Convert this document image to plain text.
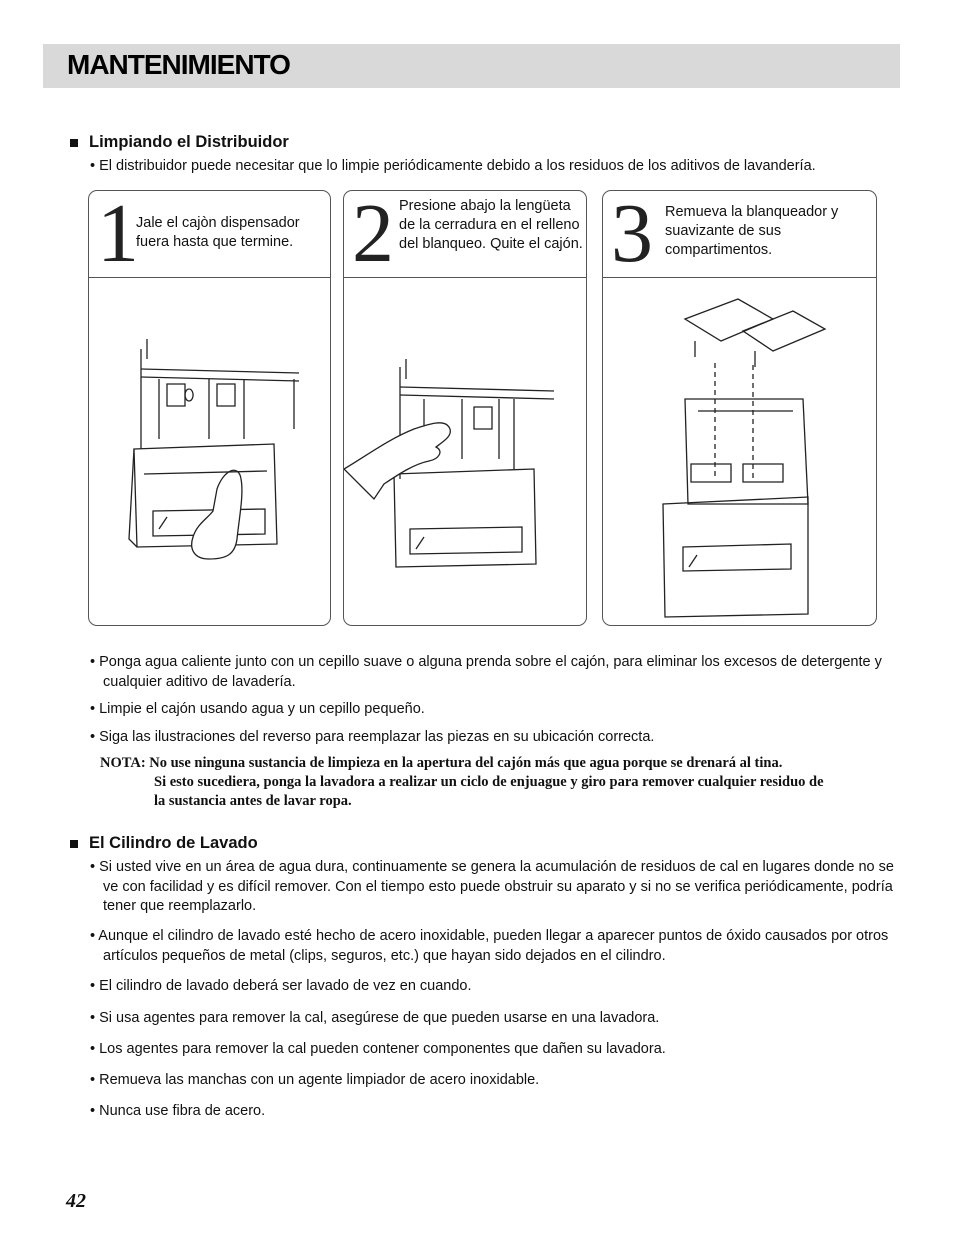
MANTENIMIENTO
Limpiando el Distribuidor
• El distribuidor puede necesitar que lo limpie periódicamente debido a los residuos de los aditivos de lavandería.
1
Jale el cajòn dispensador fuera hasta que termine. 2 Presione abajo la lengüeta de la cerradura en el relleno del blanqueo. Quite el cajón. 3 Remueva la blanqueador y suavizante de sus compartimentos.
• Ponga agua caliente junto con un cepillo suave o alguna prenda sobre el cajón, para eliminar los excesos de detergente y cualquier aditivo de lavadería.
• Limpie el cajón usando agua y un cepillo pequeño.
• Siga las ilustraciones del reverso para reemplazar las piezas en su ubicación correcta.
NOTA: No use ninguna sustancia de limpieza en la apertura del cajón más que agua porque se drenará al tina.

Si esto sucediera, ponga la lavadora a realizar un ciclo de enjuague y giro para remover cualquier residuo de
la sustancia antes de lavar ropa.
El Cilindro de Lavado
• Si usted vive en un área de agua dura, continuamente se genera la acumulación de residuos de cal en lugares donde no se ve con facilidad y es difícil remover. Con el tiempo esto puede obstruir su aparato y si no se verifica periódicamente, podría tener que reemplazarlo.
• Aunque el cilindro de lavado esté hecho de acero inoxidable, pueden llegar a aparecer puntos de óxido causados por otros artículos pequeños de metal (clips, seguros, etc.) que hayan sido dejados en el cilindro.
• El cilindro de lavado deberá ser lavado de vez en cuando.
• Si usa agentes para remover la cal, asegúrese de que pueden usarse en una lavadora.
• Los agentes para remover la cal pueden contener componentes que dañen su lavadora.
• Remueva las manchas con un agente limpiador de acero inoxidable.
• Nunca use fibra de acero.
42
